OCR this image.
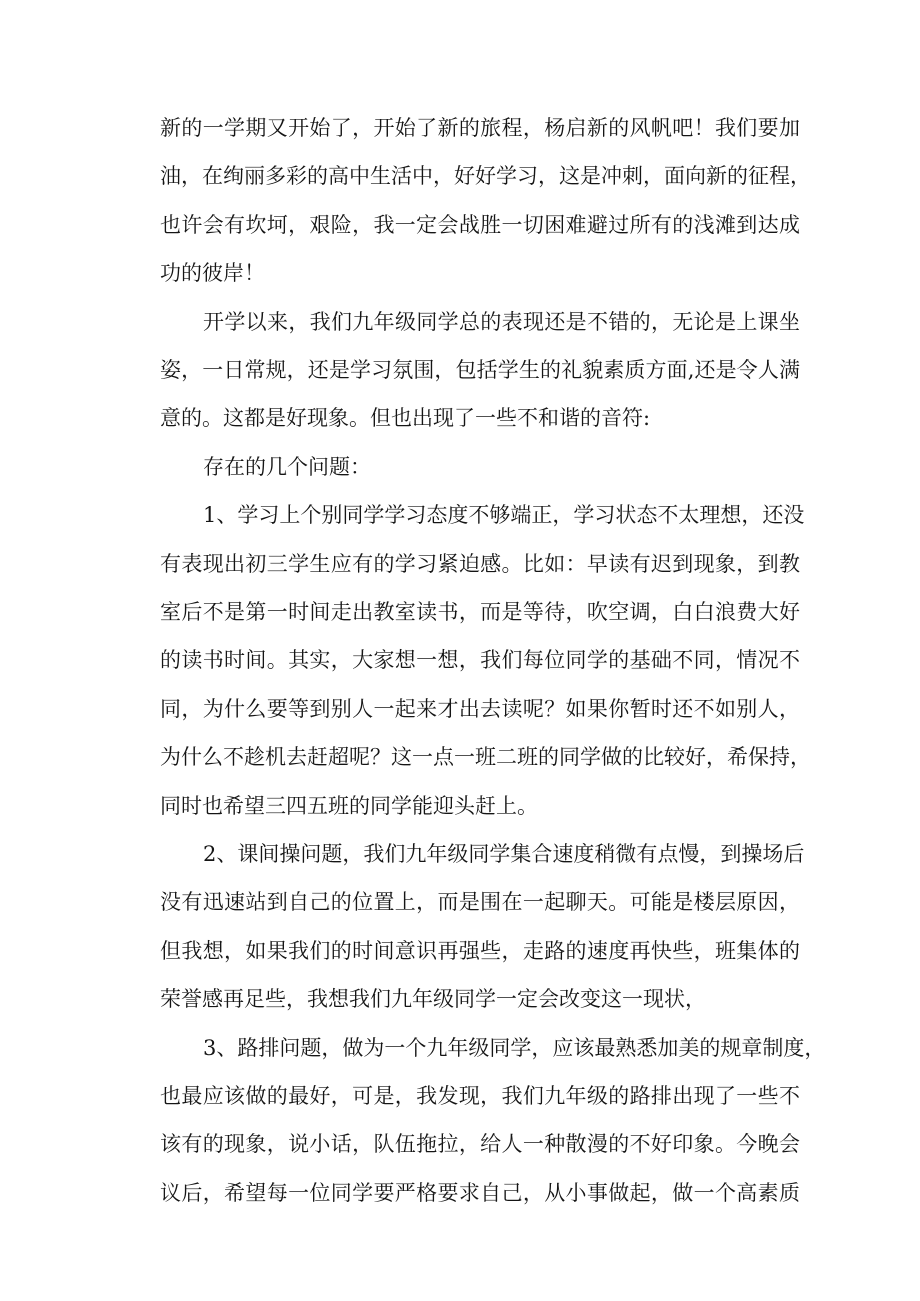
新的一学期又开始了，开始了新的旅程，杨启新的风帆吧！我们要加

油，在绚丽多彩的高中生活中，好好学习，这是冲刺，面向新的征程，

也许会有坎坷，艰险，我一定会战胜一切困难避过所有的浅滩到达成

功的彼岸！

开学以来，我们九年级同学总的表现还是不错的，无论是上课坐

姿，一日常规，还是学习氛围，包括学生的礼貌素质方面,还是令人满

意的。这都是好现象。但也出现了一些不和谐的音符:

存在的几个问题：

1、学习上个别同学学习态度不够端正，学习状态不太理想，还没

有表现出初三学生应有的学习紧迫感。比如：早读有迟到现象，到教

室后不是第一时间走出教室读书，而是等待，吹空调，白白浪费大好

的读书时间。其实，大家想一想，我们每位同学的基础不同，情况不

同，为什么要等到别人一起来才出去读呢？如果你暂时还不如别人，

为什么不趁机去赶超呢？这一点一班二班的同学做的比较好，希保持，

同时也希望三四五班的同学能迎头赶上。

2、课间操问题，我们九年级同学集合速度稍微有点慢，到操场后

没有迅速站到自己的位置上，而是围在一起聊天。可能是楼层原因，

但我想，如果我们的时间意识再强些，走路的速度再快些，班集体的

荣誉感再足些，我想我们九年级同学一定会改变这一现状，

3、路排问题，做为一个九年级同学，应该最熟悉加美的规章制度，

也最应该做的最好，可是，我发现，我们九年级的路排出现了一些不

该有的现象，说小话，队伍拖拉，给人一种散漫的不好印象。今晚会

议后，希望每一位同学要严格要求自己，从小事做起，做一个高素质
